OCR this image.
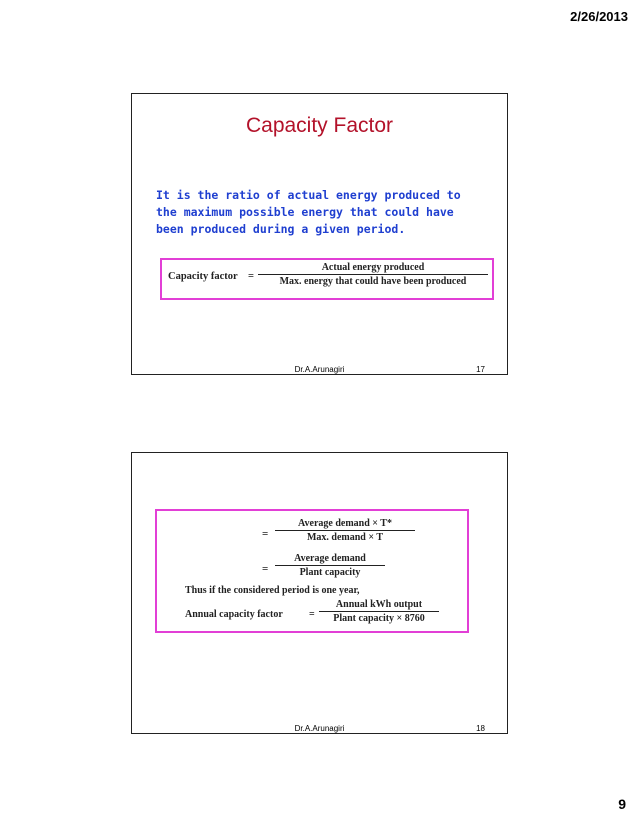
2/26/2013
Capacity Factor
It is the ratio of actual energy produced to the maximum possible energy that could have been produced during a given period.
Capacity factor =
Actual energy produced
Max. energy that could have been produced
Dr.A.Arunagiri	17
=
Average demand × T*
Max. demand × T
=
Average demand
Plant capacity
Thus if the considered period is one year,
Annual capacity factor	=
Annual kWh output
Plant capacity × 8760
Dr.A.Arunagiri	18
9
